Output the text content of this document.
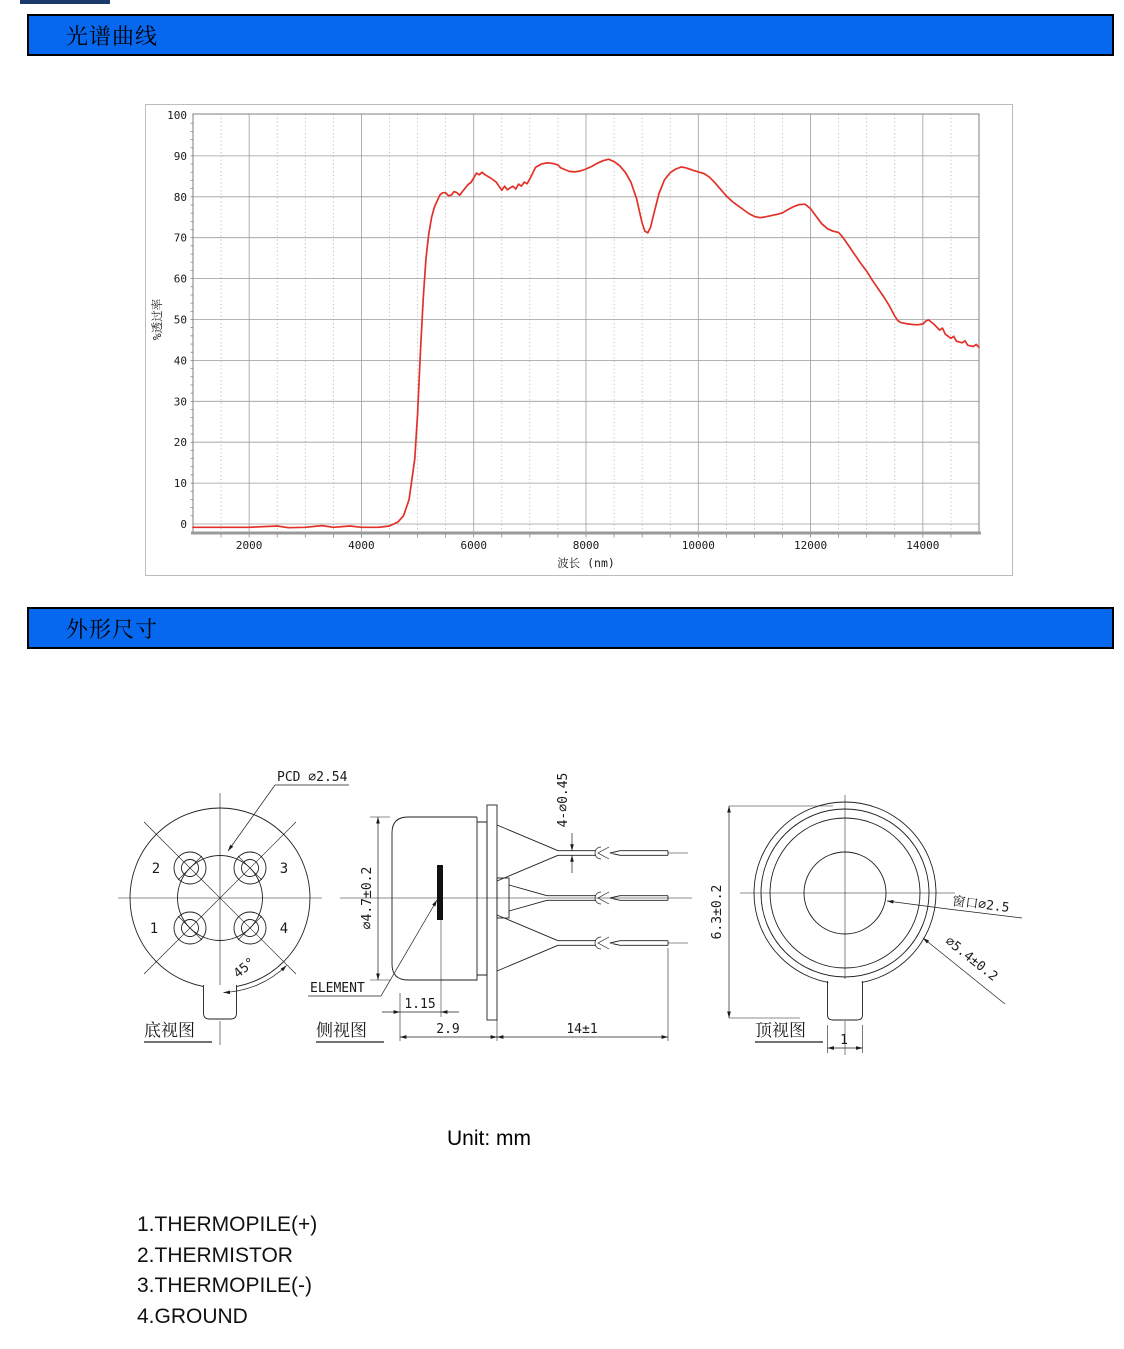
光谱曲线
0
10
20
30
40
50
60
70
80
90
100
2000	4000	6000	8000	10000	12000	14000
波长 (nm)
%透过率
外形尺寸
2	3
1	4
PCD ∅2.54
45°
底视图
ELEMENT
∅4.7±0.2
4-∅0.45
1.15
2.9	14±1
侧视图
6.3±0.2	窗口∅2.5
∅5.4±0.2
1
顶视图
Unit: mm
1.THERMOPILE(+)
2.THERMISTOR
3.THERMOPILE(-)
4.GROUND
